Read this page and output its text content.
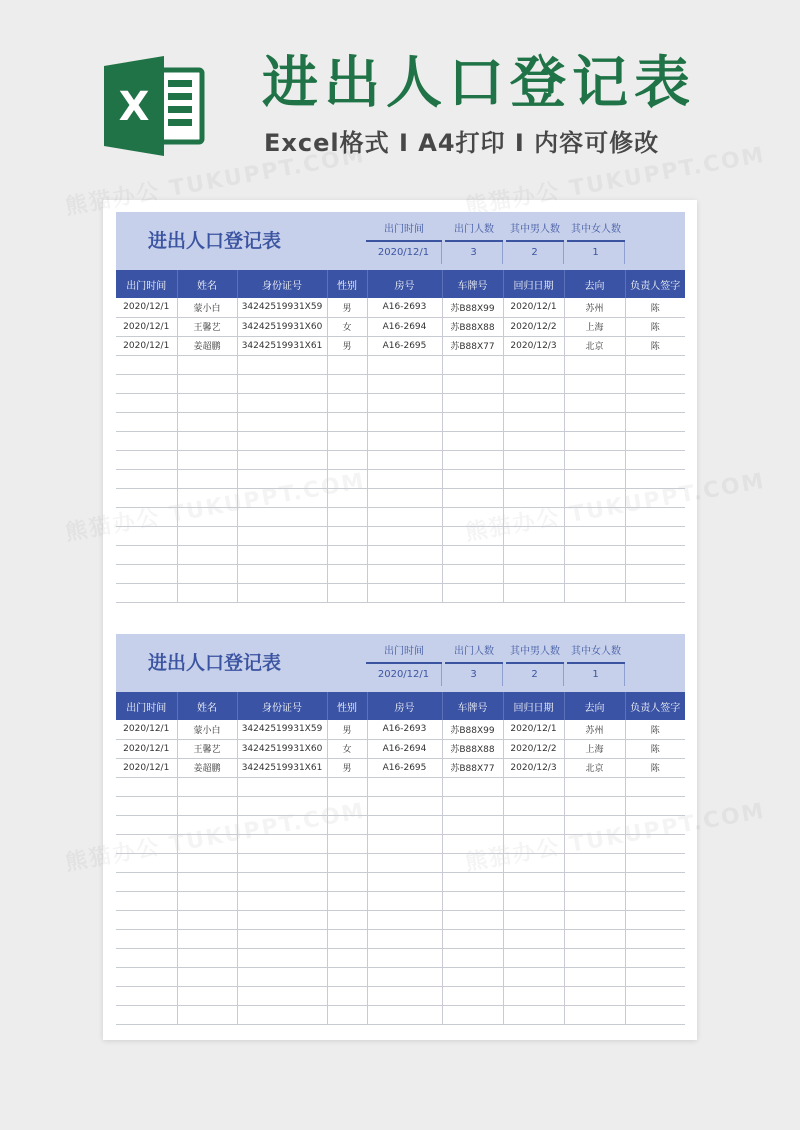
X 进出人口登记表
Excel格式 I A4打印 I 内容可修改
进出人口登记表
出门时间
2020/12/1
出门人数
3
其中男人数
2
其中女人数
1
出门时间	姓名	身份证号	性别	房号	车牌号	回归日期	去向	负责人签字
2020/12/1	蒙小白	34242519931X59	男	A16-2693	苏B88X99	2020/12/1	苏州	陈
2020/12/1	王馨艺	34242519931X60	女	A16-2694	苏B88X88	2020/12/2	上海	陈
2020/12/1	姜超鹏	34242519931X61	男	A16-2695	苏B88X77	2020/12/3	北京	陈

进出人口登记表
出门时间
2020/12/1
出门人数
3
其中男人数
2
其中女人数
1
出门时间	姓名	身份证号	性别	房号	车牌号	回归日期	去向	负责人签字
2020/12/1	蒙小白	34242519931X59	男	A16-2693	苏B88X99	2020/12/1	苏州	陈
2020/12/1	王馨艺	34242519931X60	女	A16-2694	苏B88X88	2020/12/2	上海	陈
2020/12/1	姜超鹏	34242519931X61	男	A16-2695	苏B88X77	2020/12/3	北京	陈
